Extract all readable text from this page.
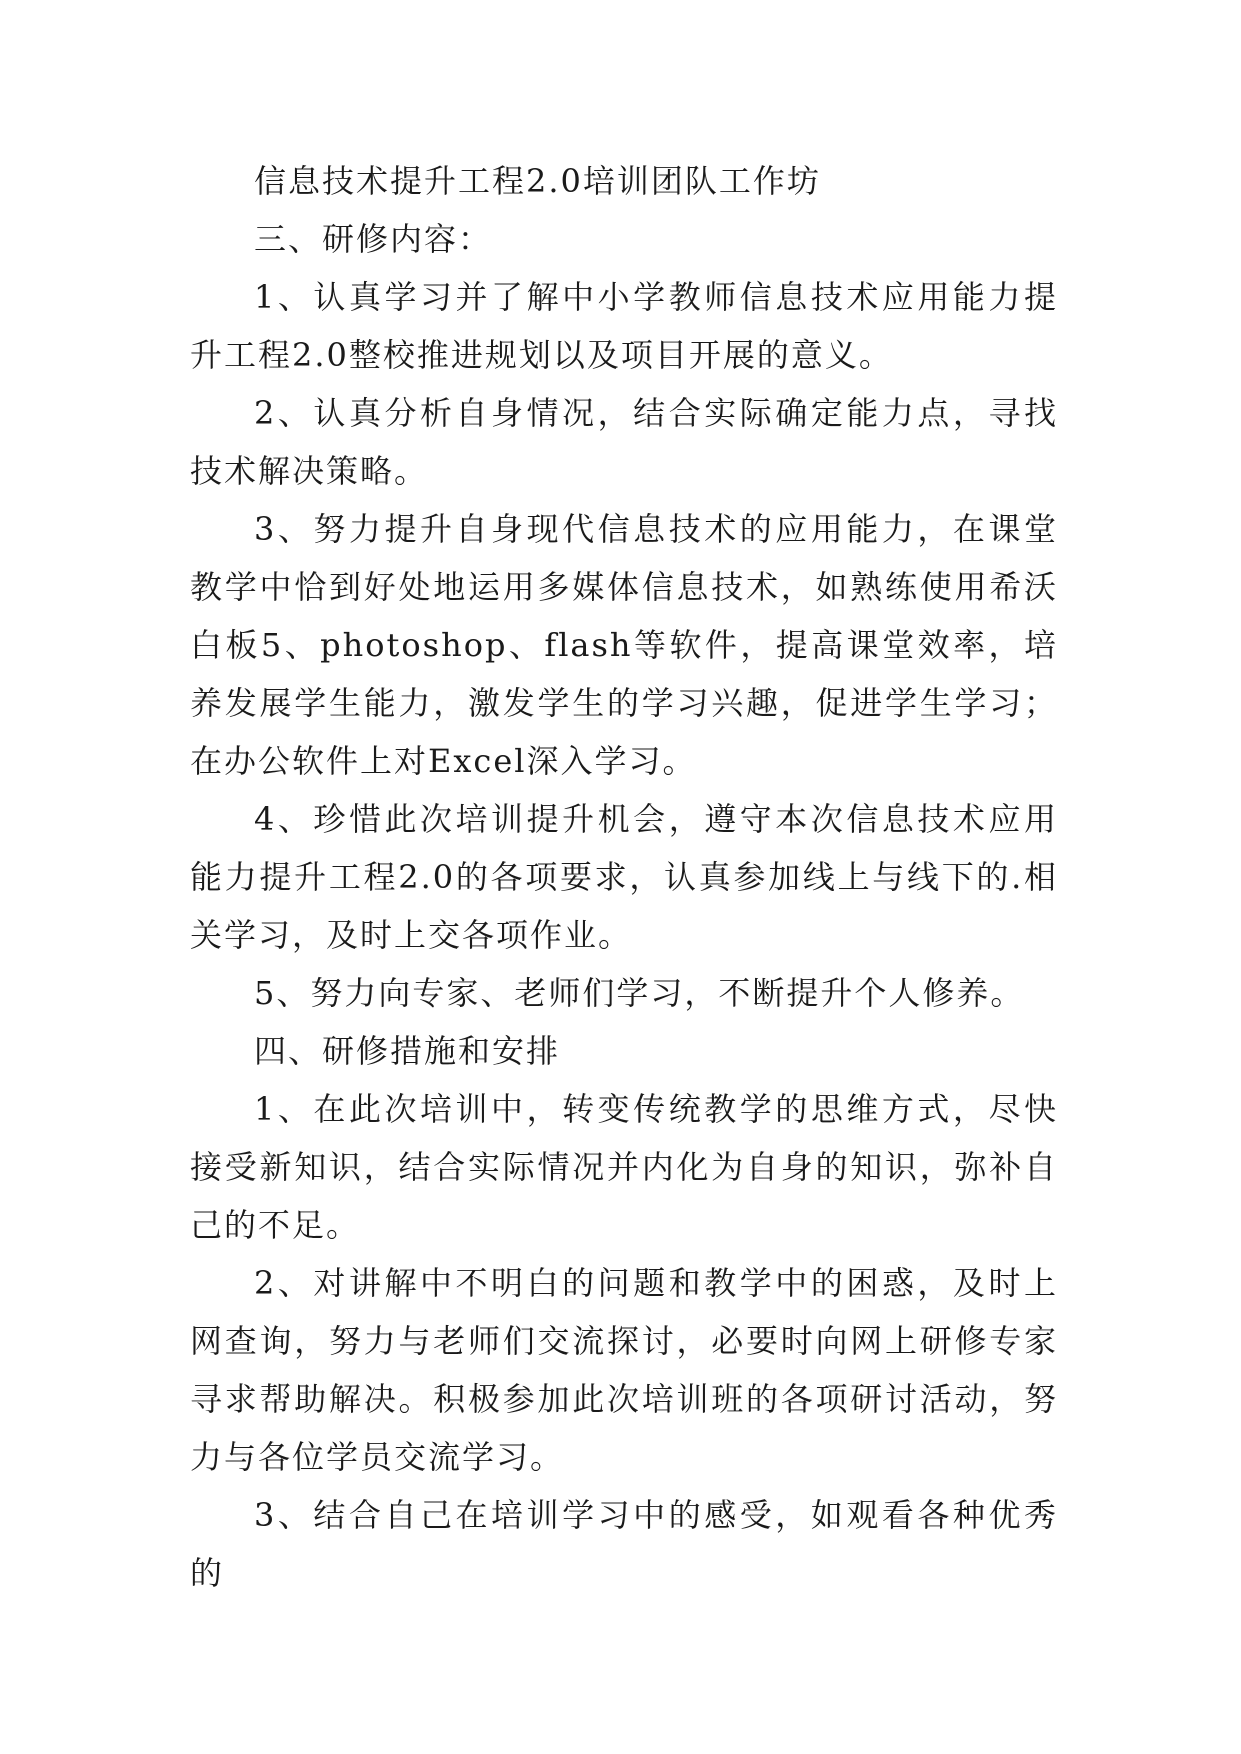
信息技术提升工程2.0培训团队工作坊

三、研修内容：

1、认真学习并了解中小学教师信息技术应用能力提升工程2.0整校推进规划以及项目开展的意义。

2、认真分析自身情况，结合实际确定能力点，寻找技术解决策略。

3、努力提升自身现代信息技术的应用能力，在课堂教学中恰到好处地运用多媒体信息技术，如熟练使用希沃白板5、photoshop、flash等软件，提高课堂效率，培养发展学生能力，激发学生的学习兴趣，促进学生学习；在办公软件上对Excel深入学习。

4、珍惜此次培训提升机会，遵守本次信息技术应用能力提升工程2.0的各项要求，认真参加线上与线下的.相关学习，及时上交各项作业。

5、努力向专家、老师们学习，不断提升个人修养。

四、研修措施和安排

1、在此次培训中，转变传统教学的思维方式，尽快接受新知识，结合实际情况并内化为自身的知识，弥补自己的不足。

2、对讲解中不明白的问题和教学中的困惑，及时上网查询，努力与老师们交流探讨，必要时向网上研修专家寻求帮助解决。积极参加此次培训班的各项研讨活动，努力与各位学员交流学习。

3、结合自己在培训学习中的感受，如观看各种优秀的
